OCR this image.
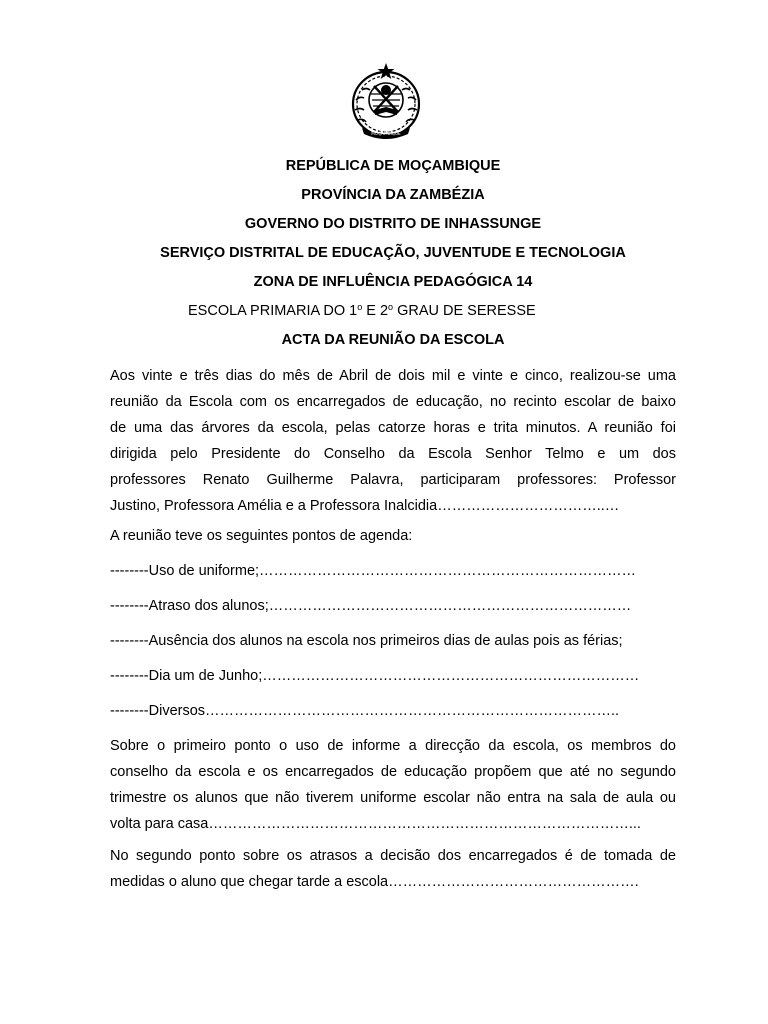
MOÇAMBIQUE
REPÚBLICA DE MOÇAMBIQUE
PROVÍNCIA DA ZAMBÉZIA
GOVERNO DO DISTRITO DE INHASSUNGE
SERVIÇO DISTRITAL DE EDUCAÇÃO, JUVENTUDE E TECNOLOGIA
ZONA DE INFLUÊNCIA PEDAGÓGICA 14
ESCOLA PRIMARIA DO 1$^o$ E 2$^o$ GRAU DE SERESSE
ACTA DA REUNIÃO DA ESCOLA
Aos vinte e três dias do mês de Abril de dois mil e vinte e cinco, realizou-se uma
reunião da Escola com os encarregados de educação, no recinto escolar de baixo
de uma das árvores da escola, pelas catorze horas e trita minutos. A reunião foi
dirigida pelo Presidente do Conselho da Escola Senhor Telmo e um dos
professores Renato Guilherme Palavra, participaram professores: Professor
Justino, Professora Amélia e a Professora Inalcidia……………………………..…
A reunião teve os seguintes pontos de agenda:
--------Uso de uniforme;……………………………………………………………………
--------Atraso dos alunos;…………………………………………………………………
--------Ausência dos alunos na escola nos primeiros dias de aulas pois as férias;
--------Dia um de Junho;……………………………………………………………………
--------Diversos…………………………………………………………………………..
Sobre o primeiro ponto o uso de informe a direcção da escola, os membros do
conselho da escola e os encarregados de educação propõem que até no segundo
trimestre os alunos que não tiverem uniforme escolar não entra na sala de aula ou
volta para casa……………………………………………………………………………...
No segundo ponto sobre os atrasos a decisão dos encarregados é de tomada de
medidas o aluno que chegar tarde a escola…………………………………………….
